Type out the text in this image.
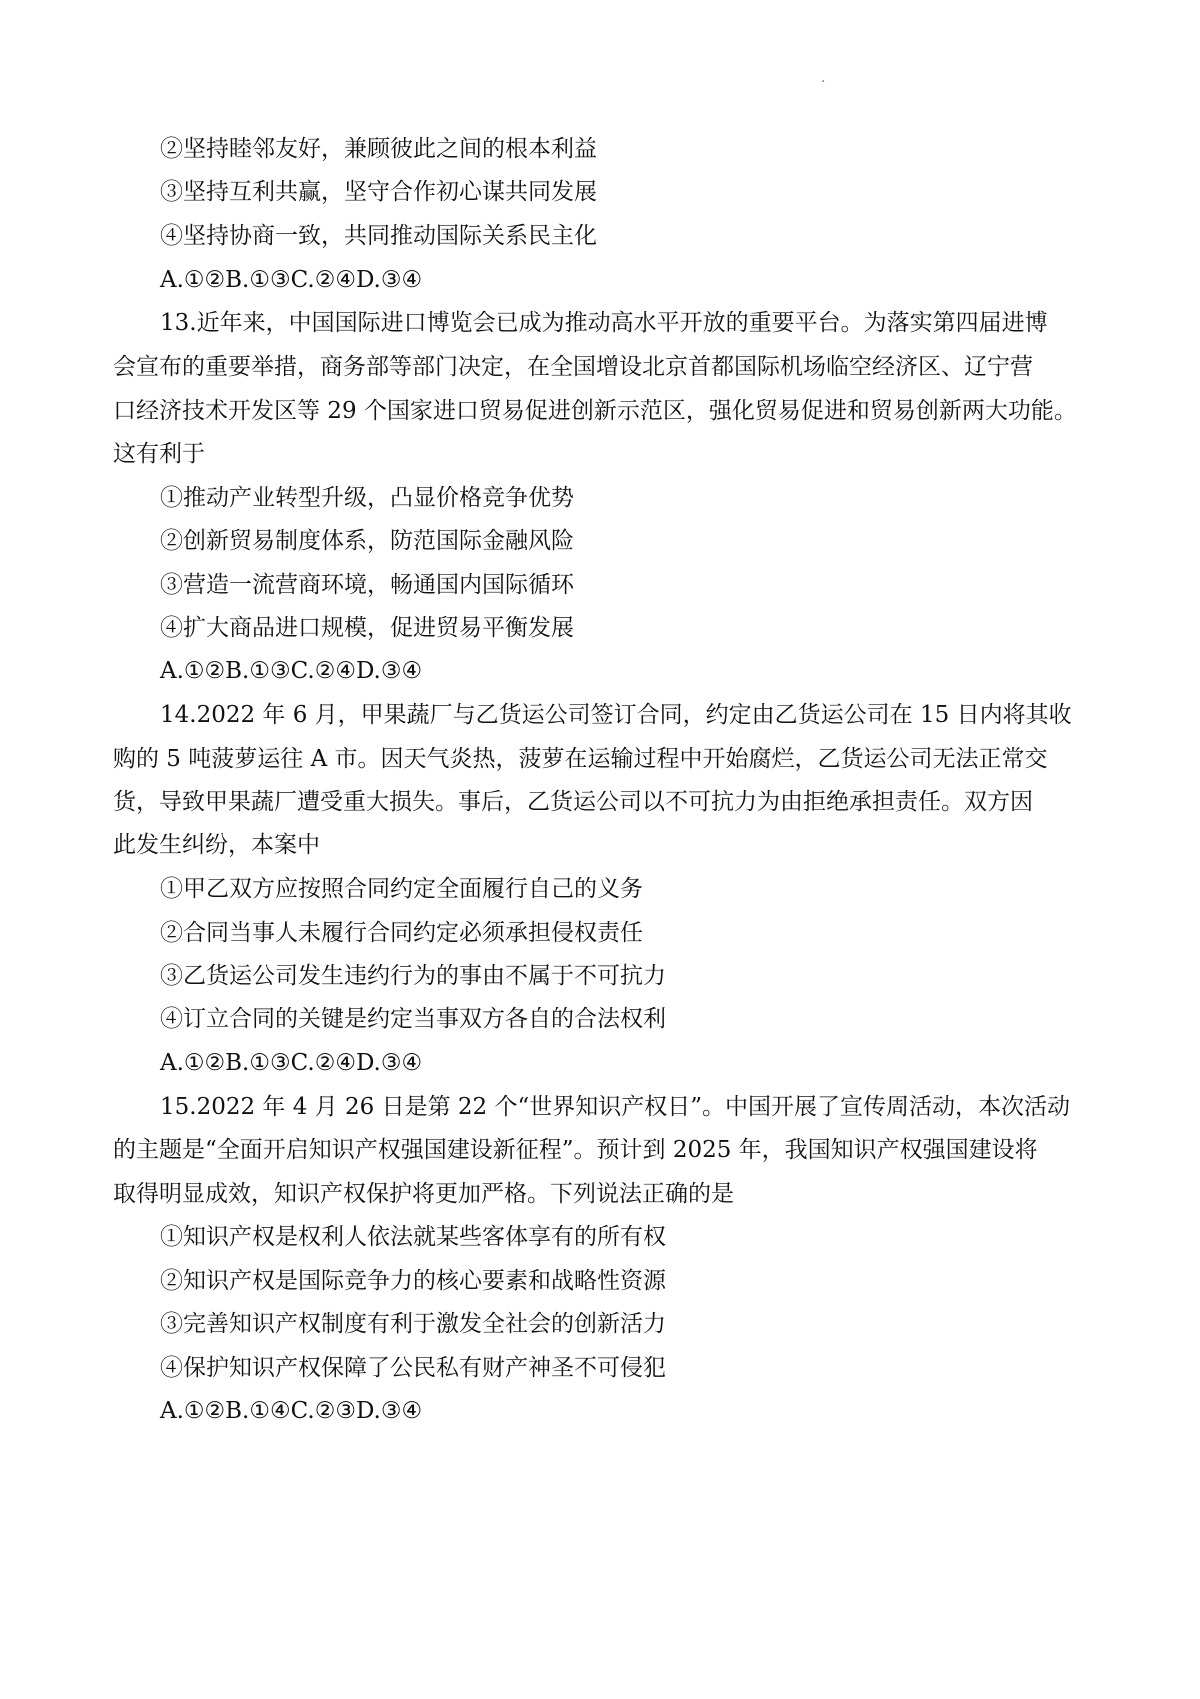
·
②坚持睦邻友好，兼顾彼此之间的根本利益
③坚持互利共赢，坚守合作初心谋共同发展
④坚持协商一致，共同推动国际关系民主化
A.①②B.①③C.②④D.③④
13.近年来，中国国际进口博览会已成为推动高水平开放的重要平台。为落实第四届进博
会宣布的重要举措，商务部等部门决定，在全国增设北京首都国际机场临空经济区、辽宁营
口经济技术开发区等 29 个国家进口贸易促进创新示范区，强化贸易促进和贸易创新两大功能。
这有利于
①推动产业转型升级，凸显价格竞争优势
②创新贸易制度体系，防范国际金融风险
③营造一流营商环境，畅通国内国际循环
④扩大商品进口规模，促进贸易平衡发展
A.①②B.①③C.②④D.③④
14.2022 年 6 月，甲果蔬厂与乙货运公司签订合同，约定由乙货运公司在 15 日内将其收
购的 5 吨菠萝运往 A 市。因天气炎热，菠萝在运输过程中开始腐烂，乙货运公司无法正常交
货，导致甲果蔬厂遭受重大损失。事后，乙货运公司以不可抗力为由拒绝承担责任。双方因
此发生纠纷，本案中
①甲乙双方应按照合同约定全面履行自己的义务
②合同当事人未履行合同约定必须承担侵权责任
③乙货运公司发生违约行为的事由不属于不可抗力
④订立合同的关键是约定当事双方各自的合法权利
A.①②B.①③C.②④D.③④
15.2022 年 4 月 26 日是第 22 个“世界知识产权日”。中国开展了宣传周活动，本次活动
的主题是“全面开启知识产权强国建设新征程”。预计到 2025 年，我国知识产权强国建设将
取得明显成效，知识产权保护将更加严格。下列说法正确的是
①知识产权是权利人依法就某些客体享有的所有权
②知识产权是国际竞争力的核心要素和战略性资源
③完善知识产权制度有利于激发全社会的创新活力
④保护知识产权保障了公民私有财产神圣不可侵犯
A.①②B.①④C.②③D.③④
